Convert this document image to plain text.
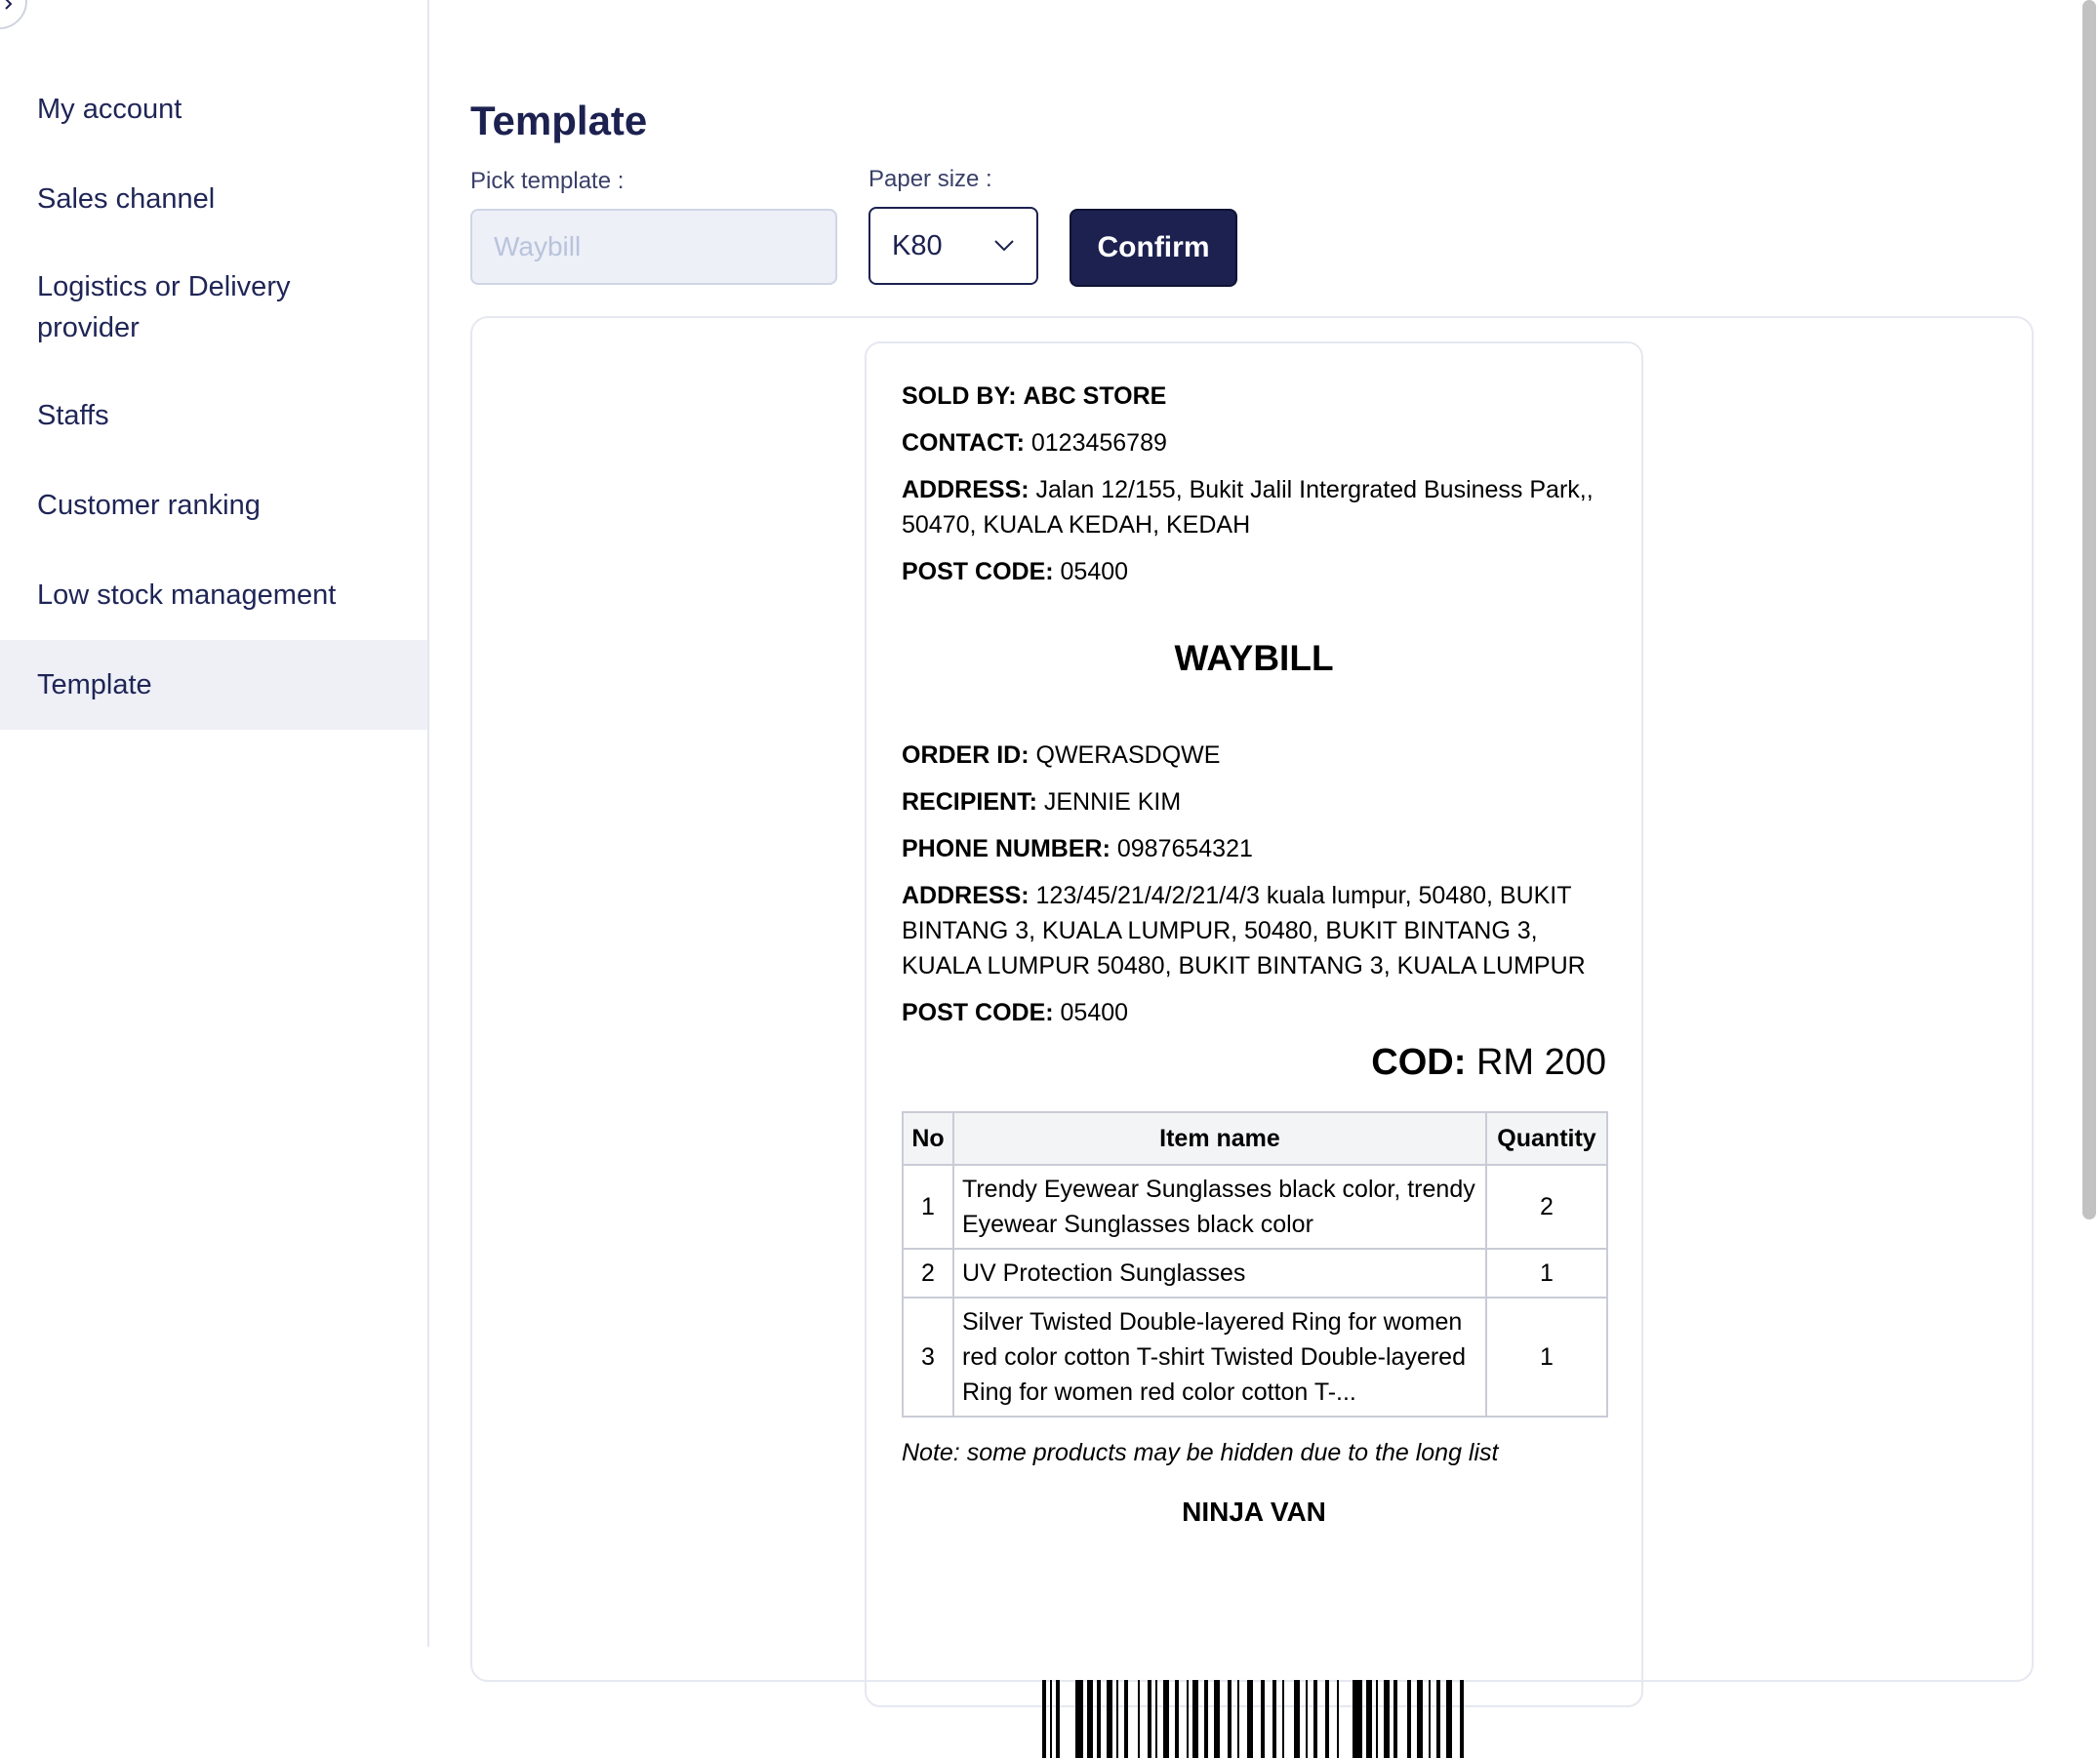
My account
Sales channel
Logistics or Delivery provider
Staffs
Customer ranking
Low stock management
Template
Template
Pick template :
Waybill
Paper size :
K80	Confirm
SOLD BY: ABC STORE
CONTACT: 0123456789
ADDRESS: Jalan 12/155, Bukit Jalil Intergrated Business Park,, 50470, KUALA KEDAH, KEDAH
POST CODE: 05400
WAYBILL
ORDER ID: QWERASDQWE
RECIPIENT: JENNIE KIM
PHONE NUMBER: 0987654321
ADDRESS: 123/45/21/4/2/21/4/3 kuala lumpur, 50480, BUKIT BINTANG 3, KUALA LUMPUR, 50480, BUKIT BINTANG 3, KUALA LUMPUR 50480, BUKIT BINTANG 3, KUALA LUMPUR
POST CODE: 05400
COD: RM 200
No	Item name	Quantity
1	Trendy Eyewear Sunglasses black color, trendy Eyewear Sunglasses black color	2
2	UV Protection Sunglasses	1
3	Silver Twisted Double-layered Ring for women red color cotton T-shirt Twisted Double-layered Ring for women red color cotton T-...	1
Note: some products may be hidden due to the long list
NINJA VAN
